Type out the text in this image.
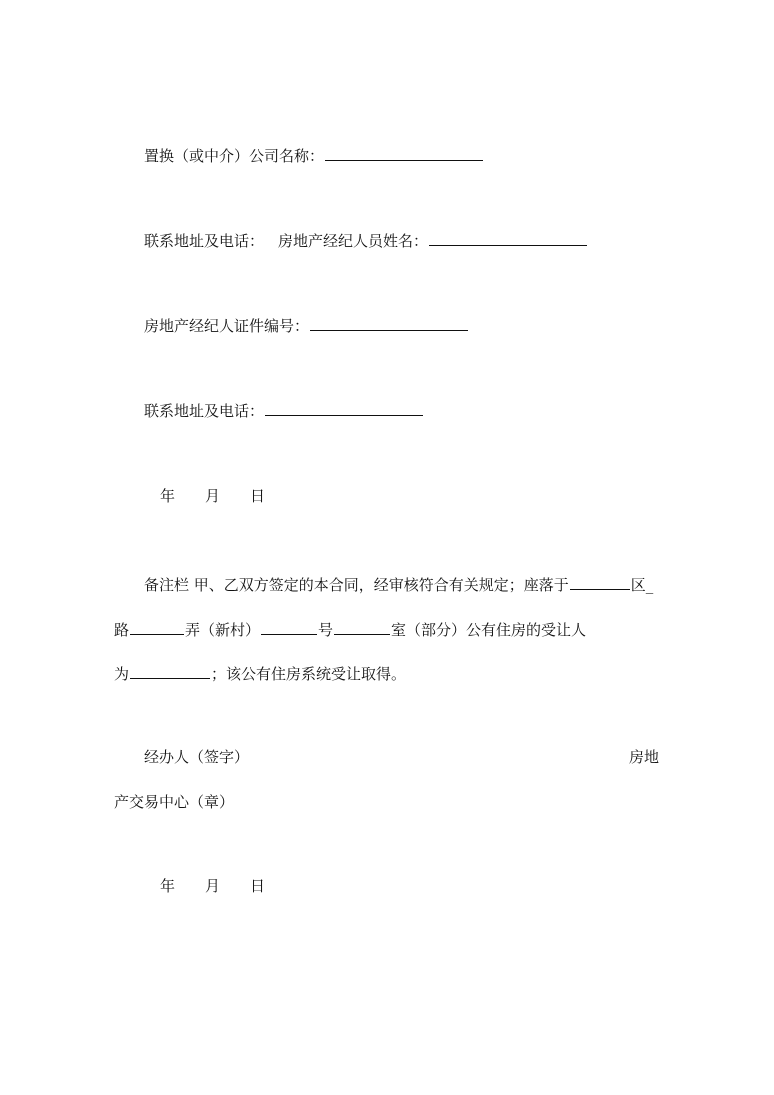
置换（或中介）公司名称：
联系地址及电话： 房地产经纪人员姓名：
房地产经纪人证件编号：
联系地址及电话：
年 月 日
备注栏 甲、乙双方签定的本合同，经审核符合有关规定；座落于	区_
路	弄（新村）	号	室（部分）公有住房的受让人
为	；该公有住房系统受让取得。
经办人（签字）	房地
产交易中心（章）
年 月 日
